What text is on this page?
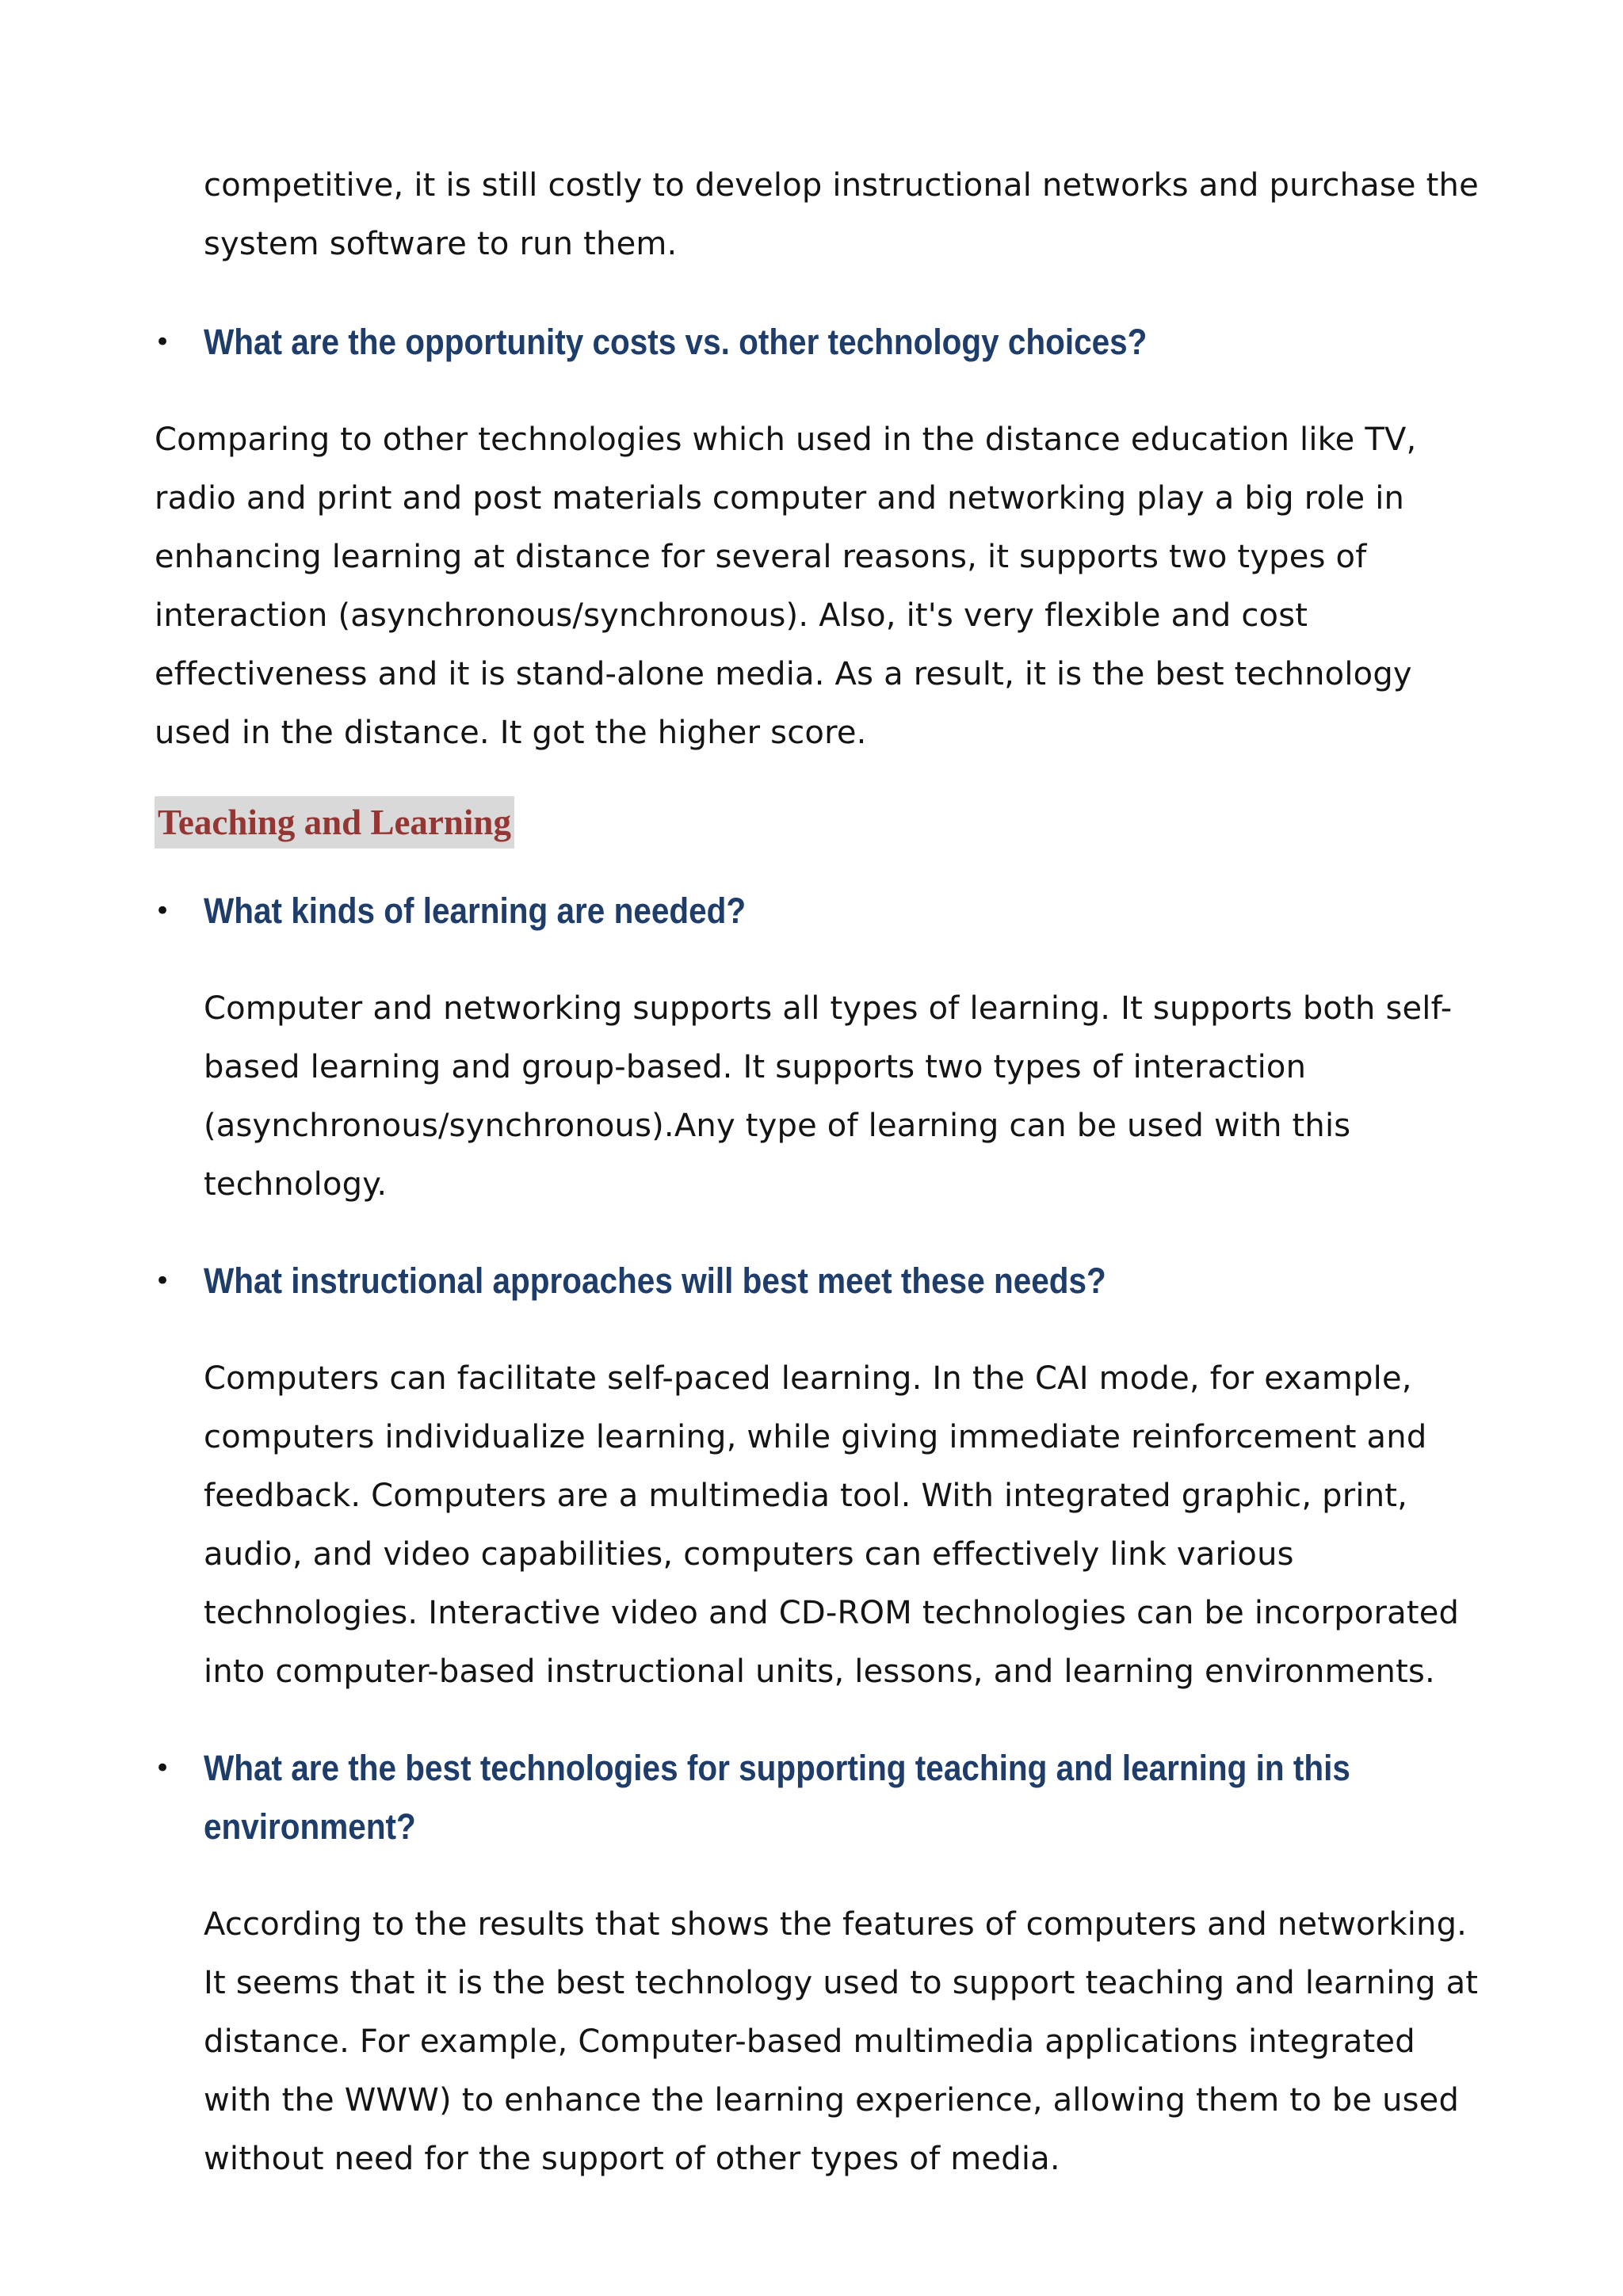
competitive, it is still costly to develop instructional networks and purchase the system software to run them.

• What are the opportunity costs vs. other technology choices?

Comparing to other technologies which used in the distance education like TV, radio and print and post materials computer and networking play a big role in enhancing learning at distance for several reasons, it supports two types of interaction (asynchronous/synchronous). Also, it's very flexible and cost effectiveness and it is stand-alone media. As a result, it is the best technology used in the distance. It got the higher score.

Teaching and Learning
• What kinds of learning are needed?

Computer and networking supports all types of learning. It supports both self-based learning and group-based. It supports two types of interaction (asynchronous/synchronous).Any type of learning can be used with this technology.

• What instructional approaches will best meet these needs?

Computers can facilitate self-paced learning. In the CAI mode, for example, computers individualize learning, while giving immediate reinforcement and feedback. Computers are a multimedia tool. With integrated graphic, print, audio, and video capabilities, computers can effectively link various technologies. Interactive video and CD-ROM technologies can be incorporated into computer-based instructional units, lessons, and learning environments.

• What are the best technologies for supporting teaching and learning in this environment?

According to the results that shows the features of computers and networking. It seems that it is the best technology used to support teaching and learning at distance. For example, Computer-based multimedia applications integrated with the WWW) to enhance the learning experience, allowing them to be used without need for the support of other types of media.
